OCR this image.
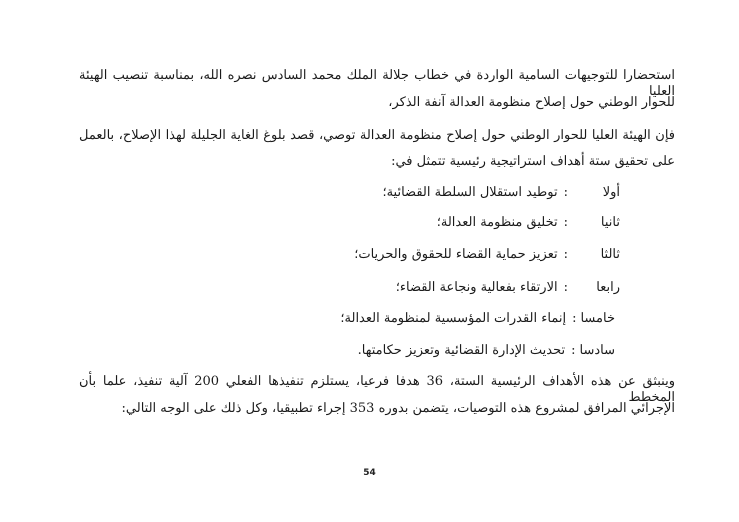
استحضارا للتوجيهات السامية الواردة في خطاب جلالة الملك محمد السادس نصره الله، بمناسبة تنصيب الهيئة العليا
للحوار الوطني حول إصلاح منظومة العدالة آنفة الذكر،
فإن الهيئة العليا للحوار الوطني حول إصلاح منظومة العدالة توصي، قصد بلوغ الغاية الجليلة لهذا الإصلاح، بالعمل
على تحقيق ستة أهداف استراتيجية رئيسية تتمثل في:
أولا:توطيد استقلال السلطة القضائية؛
ثانيا:تخليق منظومة العدالة؛
ثالثا:تعزيز حماية القضاء للحقوق والحريات؛
رابعا:الارتقاء بفعالية ونجاعة القضاء؛
خامسا:إنماء القدرات المؤسسية لمنظومة العدالة؛
سادسا:تحديث الإدارة القضائية وتعزيز حكامتها.
وينبثق عن هذه الأهداف الرئيسية الستة، 36 هدفا فرعيا، يستلزم تنفيذها الفعلي 200 آلية تنفيذ، علما بأن المخطط
الإجرائي المرافق لمشروع هذه التوصيات، يتضمن بدوره 353 إجراء تطبيقيا، وكل ذلك على الوجه التالي:
54
